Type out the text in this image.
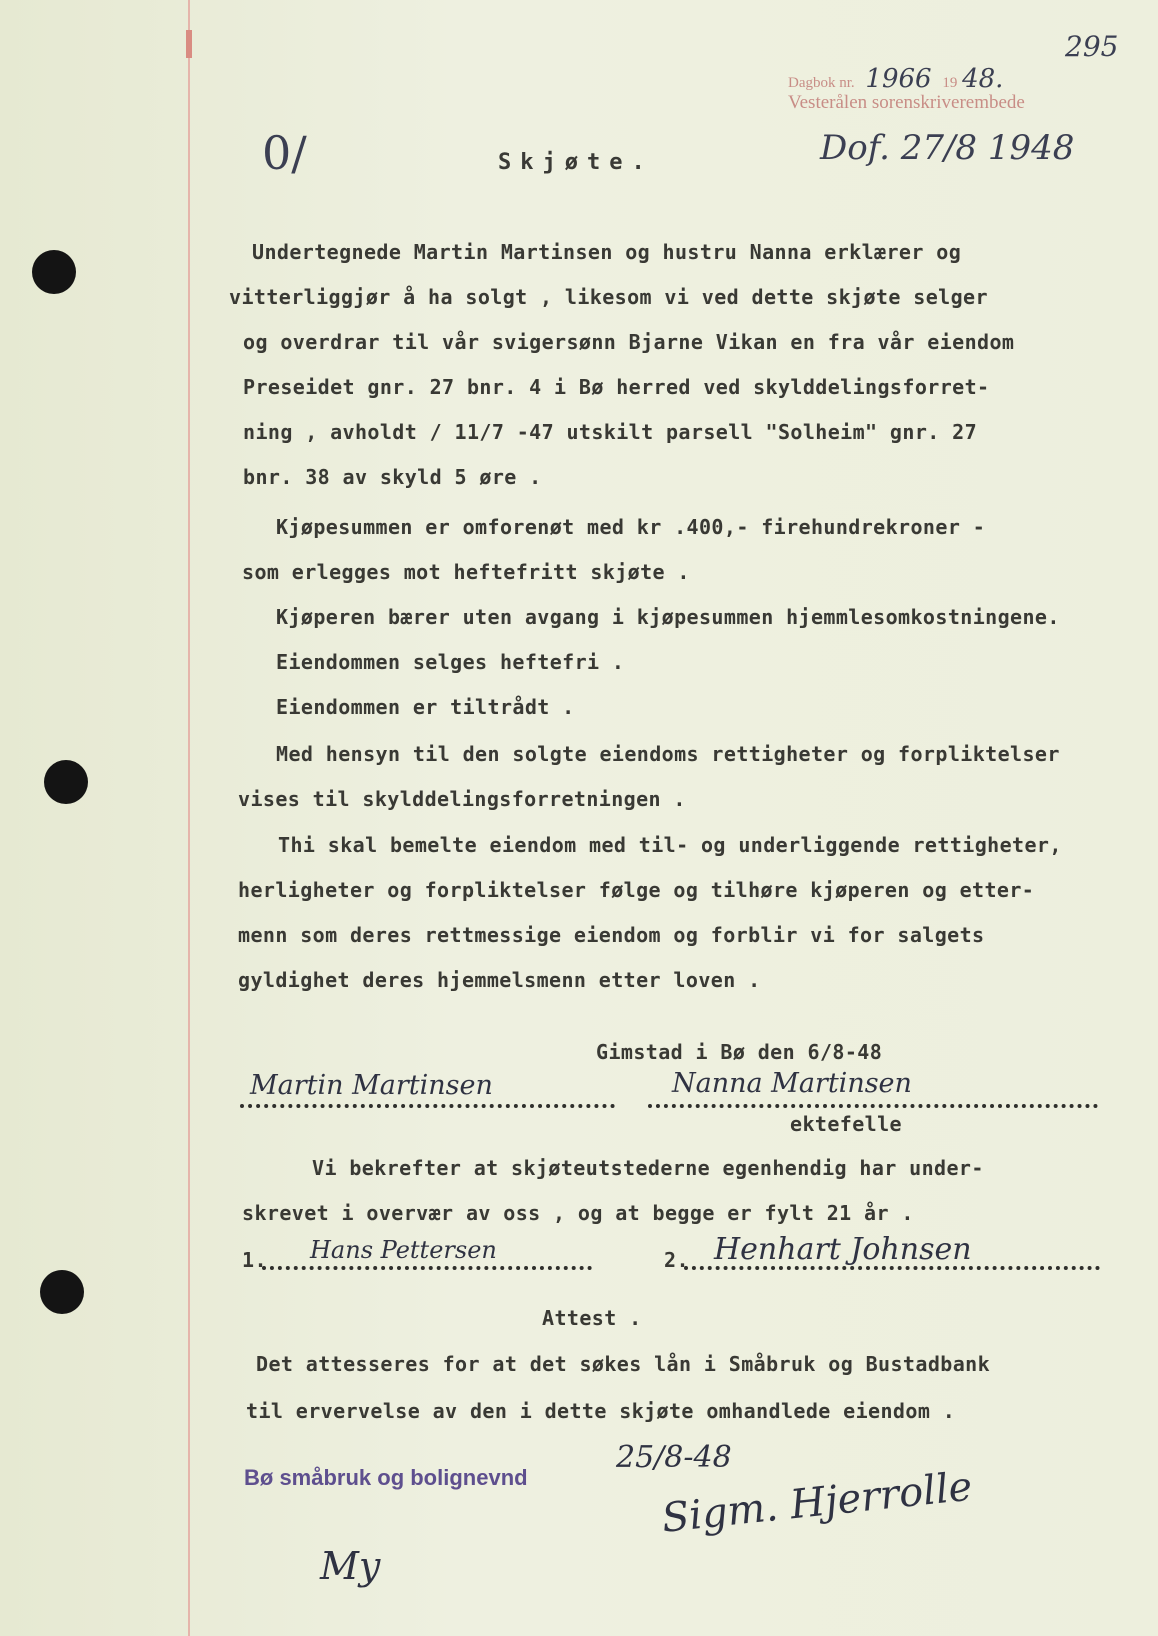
Dagbok nr. 1966 19 48.
Vesterålen sorenskriverembede
295
Dof. 27/8 1948
0/	Skjøte.
Undertegnede Martin Martinsen og hustru Nanna erklærer og
vitterliggjør å ha solgt , likesom vi ved dette skjøte selger
og overdrar til vår svigersønn Bjarne Vikan en fra vår eiendom
Preseidet gnr. 27 bnr. 4 i Bø herred ved skylddelingsforret-
ning , avholdt / 11/7 -47 utskilt parsell "Solheim" gnr. 27
bnr. 38 av skyld 5 øre .
Kjøpesummen er omforenøt med kr .400,- firehundrekroner -
som erlegges mot heftefritt skjøte .
Kjøperen bærer uten avgang i kjøpesummen hjemmlesomkostningene.
Eiendommen selges heftefri .
Eiendommen er tiltrådt .
Med hensyn til den solgte eiendoms rettigheter og forpliktelser
vises til skylddelingsforretningen .
Thi skal bemelte eiendom med til- og underliggende rettigheter,
herligheter og forpliktelser følge og tilhøre kjøperen og etter-
menn som deres rettmessige eiendom og forblir vi for salgets
gyldighet deres hjemmelsmenn etter loven .
Gimstad i Bø den 6/8-48
Martin Martinsen	Nanna Martinsen
ektefelle
Vi bekrefter at skjøteutstederne egenhendig har under-
skrevet i overvær av oss , og at begge er fylt 21 år .
1. Hans Pettersen	2. Henhart Johnsen
Attest .
Det attesseres for at det søkes lån i Småbruk og Bustadbank
til ervervelse av den i dette skjøte omhandlede eiendom .
Bø småbruk og bolignevnd
25/8-48
Sigm. Hjerrolle
My
